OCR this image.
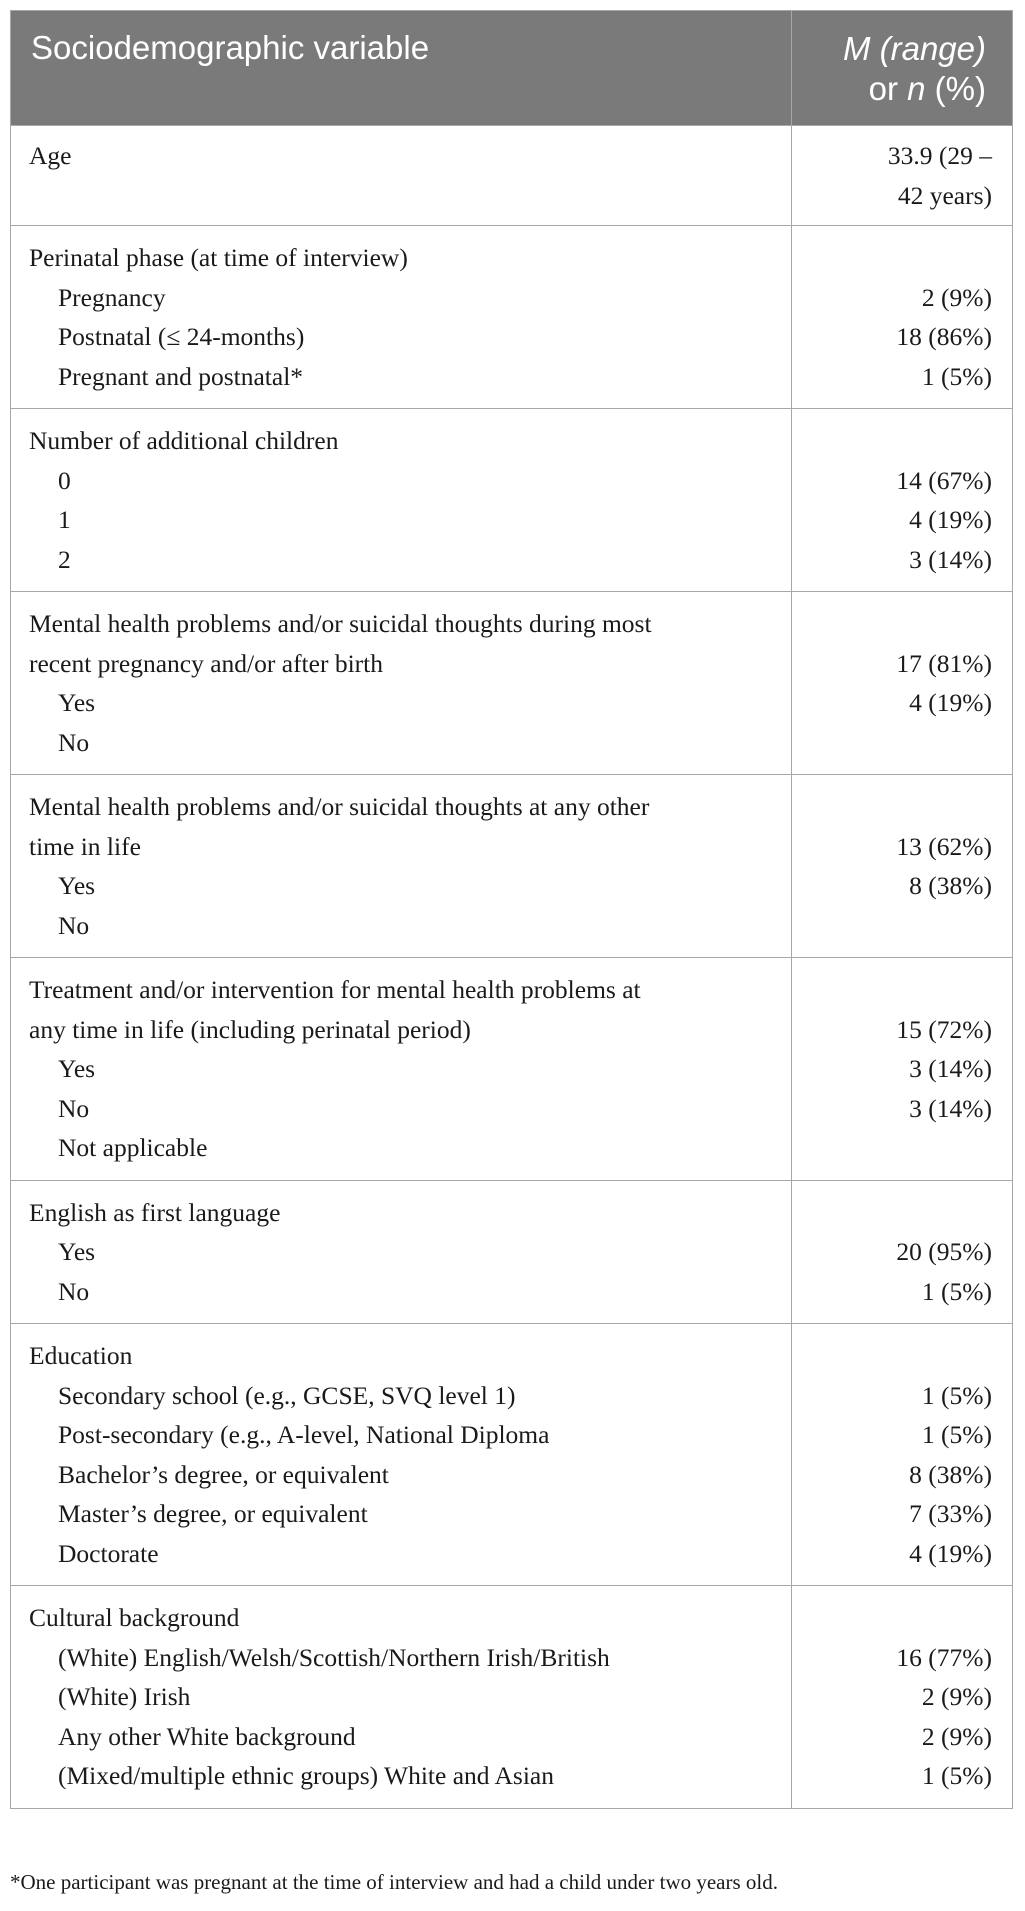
Sociodemographic variable	M (range)
or n (%)
Age	33.9 (29 –
42 years)
Perinatal phase (at time of interview)
Pregnancy
Postnatal (≤ 24-months)
Pregnant and postnatal*
2 (9%)
18 (86%)
1 (5%)
Number of additional children
0
1
2
14 (67%)
4 (19%)
3 (14%)
Mental health problems and/or suicidal thoughts during most
recent pregnancy and/or after birth
Yes
No
17 (81%)
4 (19%)
Mental health problems and/or suicidal thoughts at any other
time in life
Yes
No
13 (62%)
8 (38%)
Treatment and/or intervention for mental health problems at
any time in life (including perinatal period)
Yes
No
Not applicable
15 (72%)
3 (14%)
3 (14%)
English as first language
Yes
No
20 (95%)
1 (5%)
Education
Secondary school (e.g., GCSE, SVQ level 1)
Post-secondary (e.g., A-level, National Diploma
Bachelor’s degree, or equivalent
Master’s degree, or equivalent
Doctorate
1 (5%)
1 (5%)
8 (38%)
7 (33%)
4 (19%)
Cultural background
(White) English/Welsh/Scottish/Northern Irish/British
(White) Irish
Any other White background
(Mixed/multiple ethnic groups) White and Asian
16 (77%)
2 (9%)
2 (9%)
1 (5%)
*One participant was pregnant at the time of interview and had a child under two years old.
